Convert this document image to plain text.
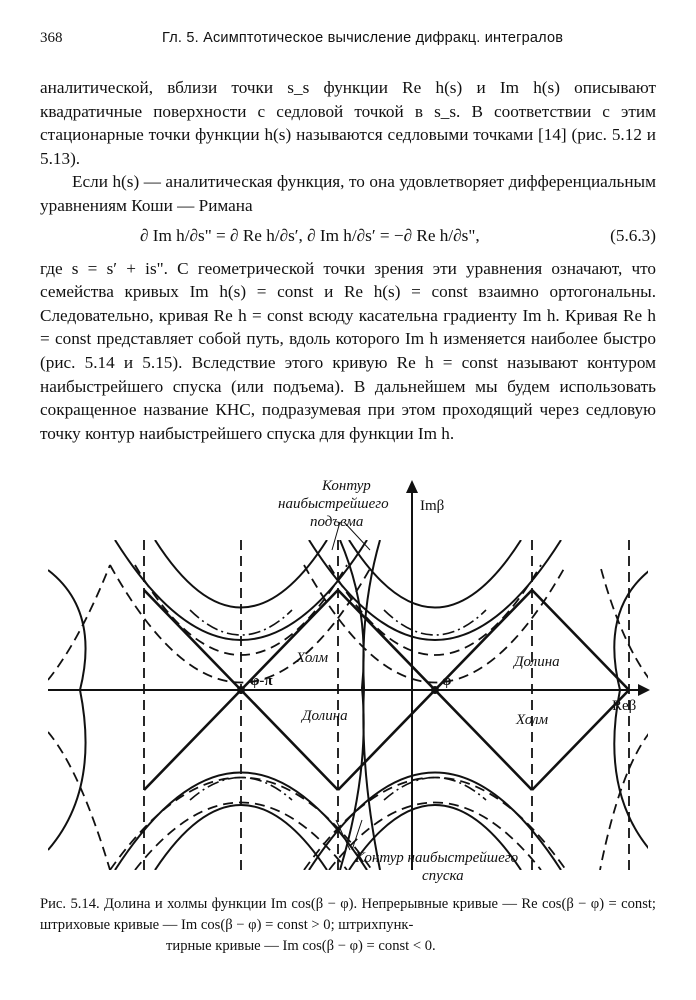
368	Гл. 5. Асимптотическое вычисление дифракц. интегралов

аналитической, вблизи точки s_s функции Re h(s) и Im h(s) описывают квадратичные поверхности с седловой точкой в s_s. В соответствии с этим стационарные точки функции h(s) называются седловыми точками [14] (рис. 5.12 и 5.13).

Если h(s) — аналитическая функция, то она удовлетворяет дифференциальным уравнениям Коши — Римана

∂ Im h/∂s" = ∂ Re h/∂s′, ∂ Im h/∂s′ = −∂ Re h/∂s",	(5.6.3)

где s = s′ + is". С геометрической точки зрения эти уравнения означают, что семейства кривых Im h(s) = const и Re h(s) = const взаимно ортогональны. Следовательно, кривая Re h = const всюду касательна градиенту Im h. Кривая Re h = const представляет собой путь, вдоль которого Im h изменяется наиболее быстро (рис. 5.14 и 5.15). Вследствие этого кривую Re h = const называют контуром наибыстрейшего спуска (или подъема). В дальнейшем мы будем использовать сокращенное название КНС, подразумевая при этом проходящий через седловую точку контур наибыстрейшего спуска для функции Im h.

Контур
наибыстрейшего
подъема
Холм
Долина
Долина
Холм
Контур наибыстрейшего
спуска
φ-π	φ
Imβ
Reβ

Рис. 5.14. Долина и холмы функции Im cos(β − φ). Непрерывные кривые — Re cos(β − φ) = const; штриховые кривые — Im cos(β − φ) = const > 0; штрихпунк-

тирные кривые — Im cos(β − φ) = const < 0.
